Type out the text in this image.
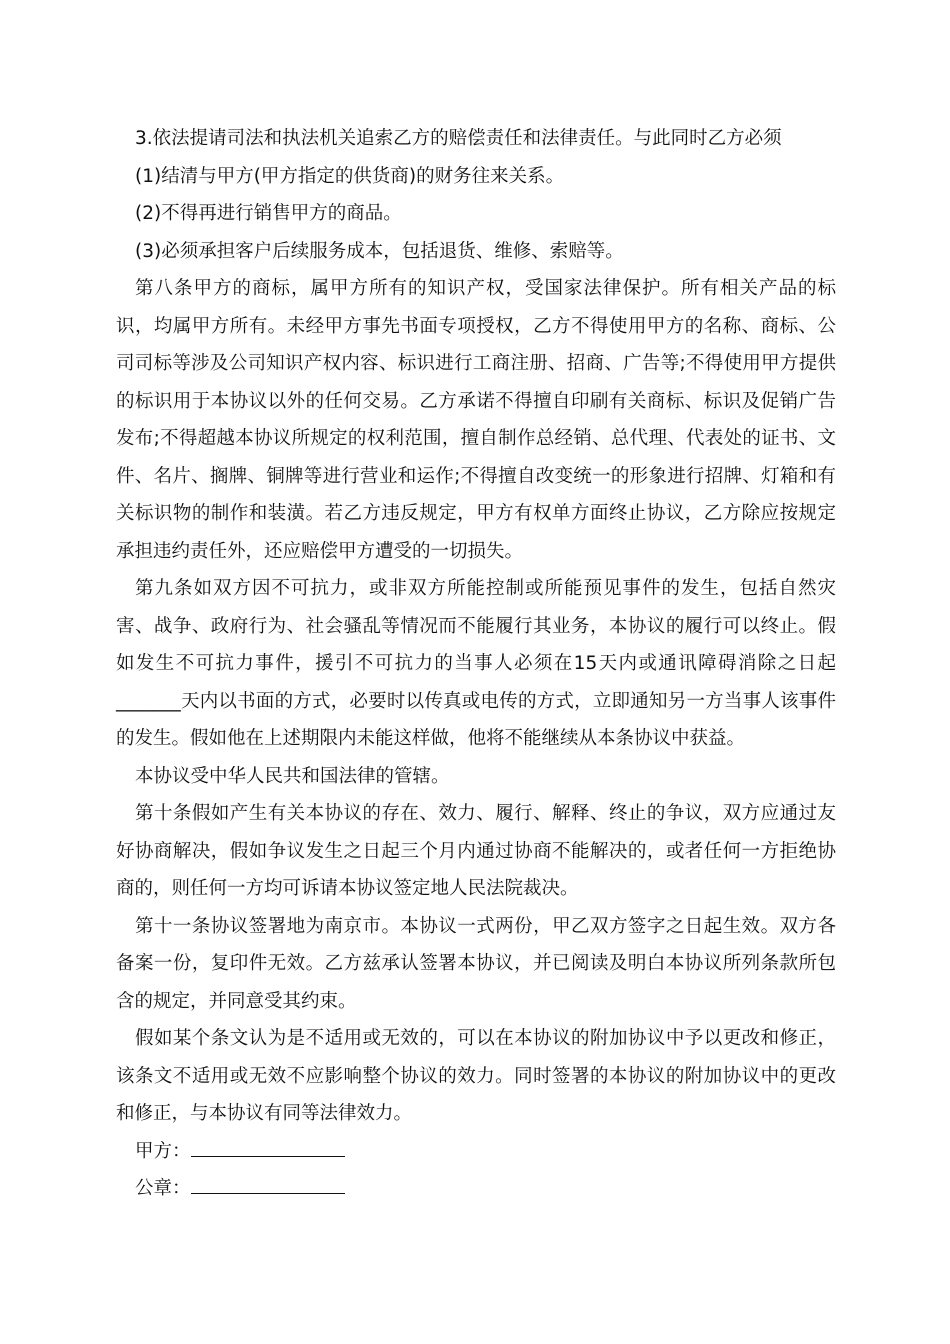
3.依法提请司法和执法机关追索乙方的赔偿责任和法律责任。与此同时乙方必须

(1)结清与甲方(甲方指定的供货商)的财务往来关系。

(2)不得再进行销售甲方的商品。

(3)必须承担客户后续服务成本，包括退货、维修、索赔等。

第八条甲方的商标，属甲方所有的知识产权，受国家法律保护。所有相关产品的标识，均属甲方所有。未经甲方事先书面专项授权，乙方不得使用甲方的名称、商标、公司司标等涉及公司知识产权内容、标识进行工商注册、招商、广告等;不得使用甲方提供的标识用于本协议以外的任何交易。乙方承诺不得擅自印刷有关商标、标识及促销广告发布;不得超越本协议所规定的权利范围，擅自制作总经销、总代理、代表处的证书、文件、名片、搁牌、铜牌等进行营业和运作;不得擅自改变统一的形象进行招牌、灯箱和有关标识物的制作和装潢。若乙方违反规定，甲方有权单方面终止协议，乙方除应按规定承担违约责任外，还应赔偿甲方遭受的一切损失。

第九条如双方因不可抗力，或非双方所能控制或所能预见事件的发生，包括自然灾害、战争、政府行为、社会骚乱等情况而不能履行其业务，本协议的履行可以终止。假如发生不可抗力事件，援引不可抗力的当事人必须在15天内或通讯障碍消除之日起_______天内以书面的方式，必要时以传真或电传的方式，立即通知另一方当事人该事件的发生。假如他在上述期限内未能这样做，他将不能继续从本条协议中获益。

本协议受中华人民共和国法律的管辖。

第十条假如产生有关本协议的存在、效力、履行、解释、终止的争议，双方应通过友好协商解决，假如争议发生之日起三个月内通过协商不能解决的，或者任何一方拒绝协商的，则任何一方均可诉请本协议签定地人民法院裁决。

第十一条协议签署地为南京市。本协议一式两份，甲乙双方签字之日起生效。双方各备案一份，复印件无效。乙方兹承认签署本协议，并已阅读及明白本协议所列条款所包含的规定，并同意受其约束。

假如某个条文认为是不适用或无效的，可以在本协议的附加协议中予以更改和修正，该条文不适用或无效不应影响整个协议的效力。同时签署的本协议的附加协议中的更改和修正，与本协议有同等法律效力。

甲方：
公章：
